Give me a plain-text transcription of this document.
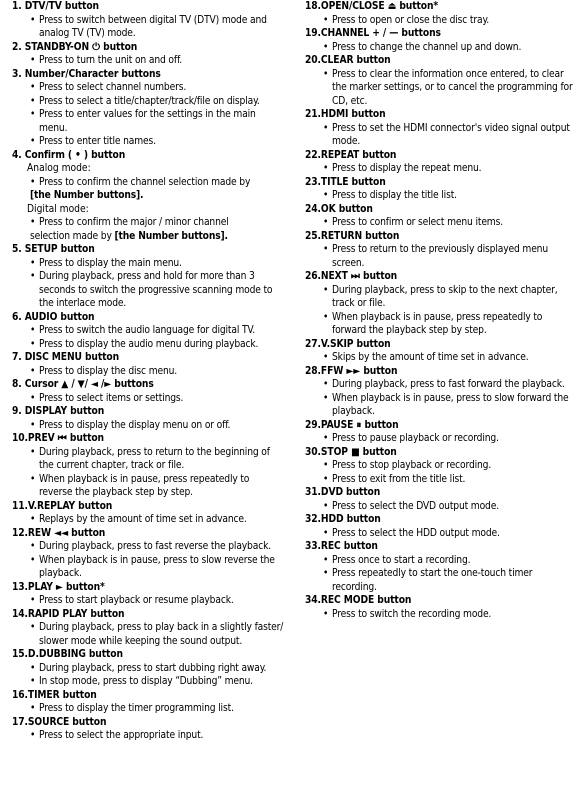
1. DTV/TV button
• Press to switch between digital TV (DTV) mode and analog TV (TV) mode.
2. STANDBY-ON ⏻ button
• Press to turn the unit on and off.
3. Number/Character buttons
• Press to select channel numbers.
• Press to select a title/chapter/track/file on display.
• Press to enter values for the settings in the main menu.
• Press to enter title names.
4. Confirm ( • ) button
Analog mode:
• Press to confirm the channel selection made by
[the Number buttons].
Digital mode:
• Press to confirm the major / minor channel
selection made by [the Number buttons].
5. SETUP button
• Press to display the main menu.
• During playback, press and hold for more than 3 seconds to switch the progressive scanning mode to the interlace mode.
6. AUDIO button
• Press to switch the audio language for digital TV.
• Press to display the audio menu during playback.
7. DISC MENU button
• Press to display the disc menu.
8. Cursor ▲ / ▼/ ◄ /► buttons
• Press to select items or settings.
9. DISPLAY button
• Press to display the display menu on or off.
10.PREV ⏮ button
• During playback, press to return to the beginning of the current chapter, track or file.
• When playback is in pause, press repeatedly to reverse the playback step by step.
11.V.REPLAY button
• Replays by the amount of time set in advance.
12.REW ◄◄ button
• During playback, press to fast reverse the playback.
• When playback is in pause, press to slow reverse the playback.
13.PLAY ► button*
• Press to start playback or resume playback.
14.RAPID PLAY button
• During playback, press to play back in a slightly faster/ slower mode while keeping the sound output.
15.D.DUBBING button
• During playback, press to start dubbing right away.
• In stop mode, press to display “Dubbing” menu.
16.TIMER button
• Press to display the timer programming list.
17.SOURCE button
• Press to select the appropriate input.
18.OPEN/CLOSE ⏏ button*
• Press to open or close the disc tray.
19.CHANNEL + / — buttons
• Press to change the channel up and down.
20.CLEAR button
• Press to clear the information once entered, to clear the marker settings, or to cancel the programming for CD, etc.
21.HDMI button
• Press to set the HDMI connector's video signal output mode.
22.REPEAT button
• Press to display the repeat menu.
23.TITLE button
• Press to display the title list.
24.OK button
• Press to confirm or select menu items.
25.RETURN button
• Press to return to the previously displayed menu screen.
26.NEXT ⏭ button
• During playback, press to skip to the next chapter, track or file.
• When playback is in pause, press repeatedly to forward the playback step by step.
27.V.SKIP button
• Skips by the amount of time set in advance.
28.FFW ►► button
• During playback, press to fast forward the playback.
• When playback is in pause, press to slow forward the playback.
29.PAUSE ⏸ button
• Press to pause playback or recording.
30.STOP ■ button
• Press to stop playback or recording.
• Press to exit from the title list.
31.DVD button
• Press to select the DVD output mode.
32.HDD button
• Press to select the HDD output mode.
33.REC button
• Press once to start a recording.
• Press repeatedly to start the one-touch timer recording.
34.REC MODE button
• Press to switch the recording mode.
